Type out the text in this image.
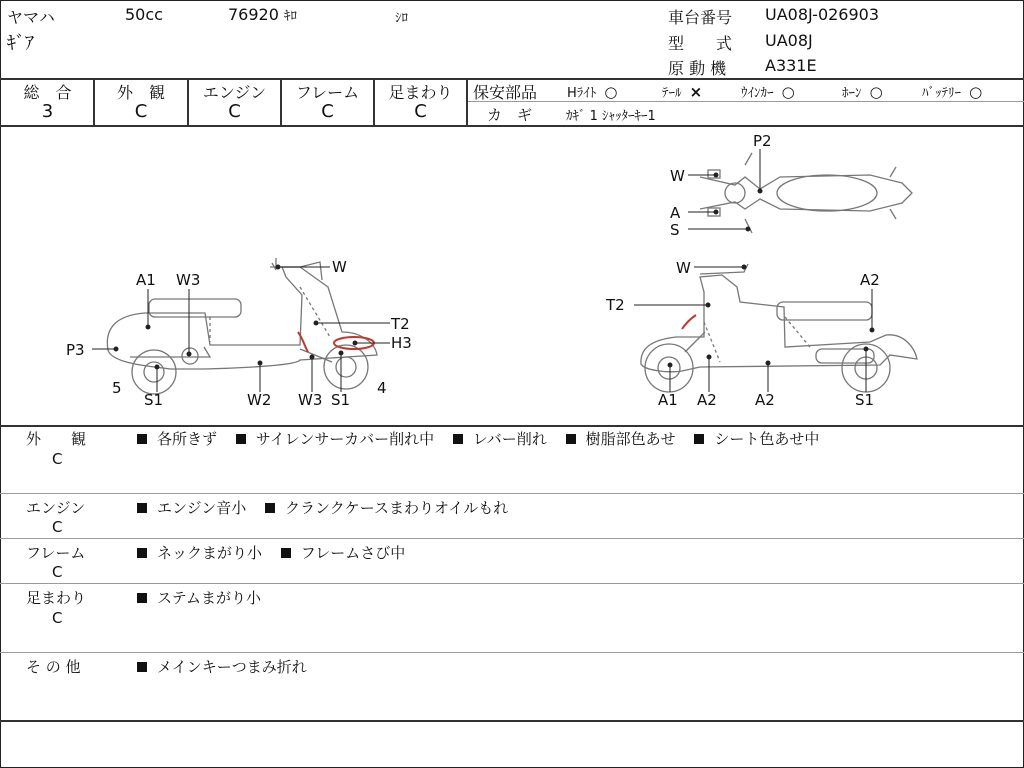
ヤマハ	50cc	76920 ｷﾛ	ｼﾛ
ｷﾞｱ
車台番号 UA08J-026903
型　　式 UA08J
原 動 機 A331E
総　合
3
外　観
C
エンジン
C
フレーム
C
足まわり
C
保安部品 Hﾗｲﾄ ○	ﾃｰﾙ ×	ｳｲﾝｶｰ ○	ﾎｰﾝ ○	ﾊﾞｯﾃﾘｰ ○
カ　ギ	ｶｷﾞ 1 ｼｬｯﾀｰｷｰ1
A1 W3
W
T2
H3
P3
5
S1	W2 W3 S1
4
P2
W
A
S
W
A2
T2
A1 A2	A2	S1
外　　観
C
各所きず	サイレンサーカバー削れ中	レバー削れ	樹脂部色あせ	シート色あせ中
エンジン
C
エンジン音小	クランクケースまわりオイルもれ
フレーム
C
ネックまがり小	フレームさび中
足まわり
C
ステムまがり小
そ の 他	メインキーつまみ折れ
